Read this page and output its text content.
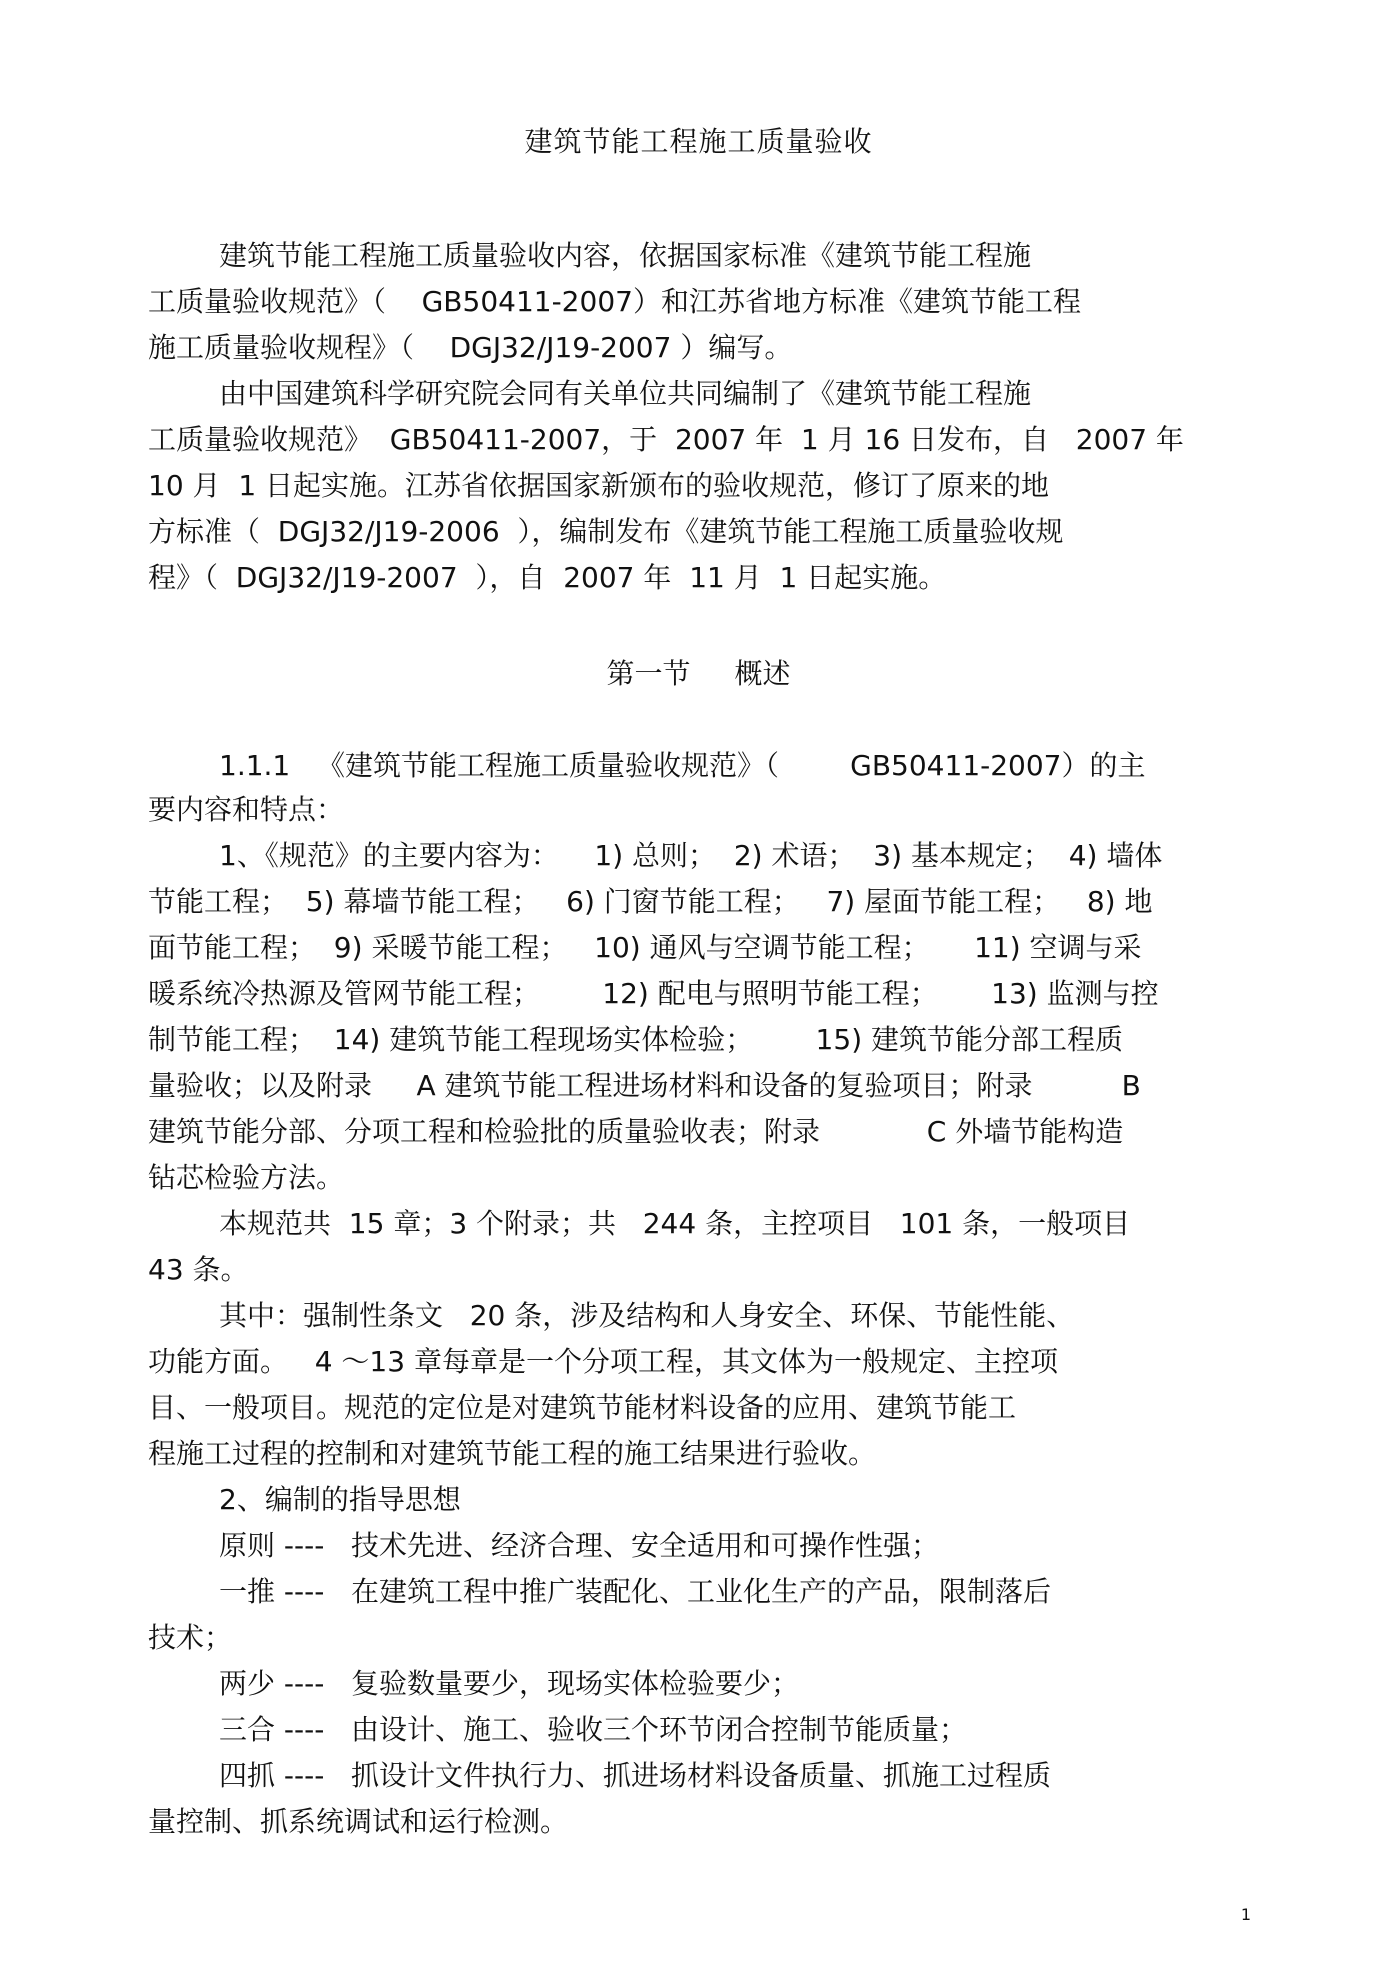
建筑节能工程施工质量验收
建筑节能工程施工质量验收内容，依据国家标准《建筑节能工程施
工质量验收规范》（    GB50411-2007）和江苏省地方标准《建筑节能工程
施工质量验收规程》（    DGJ32/J19-2007 ）编写。
由中国建筑科学研究院会同有关单位共同编制了《建筑节能工程施
工质量验收规范》  GB50411-2007，于  2007 年  1 月 16 日发布，自   2007 年
10 月  1 日起实施。江苏省依据国家新颁布的验收规范，修订了原来的地
方标准（  DGJ32/J19-2006  ），编制发布《建筑节能工程施工质量验收规
程》（  DGJ32/J19-2007  ），自  2007 年  11 月  1 日起实施。
第一节 概述
1.1.1   《建筑节能工程施工质量验收规范》（        GB50411-2007）的主
要内容和特点：
1、《规范》的主要内容为：    1) 总则；  2) 术语；  3) 基本规定；  4) 墙体
节能工程；  5) 幕墙节能工程；   6) 门窗节能工程；   7) 屋面节能工程；   8) 地
面节能工程；  9) 采暖节能工程；   10) 通风与空调节能工程；     11) 空调与采
暖系统冷热源及管网节能工程；       12) 配电与照明节能工程；      13) 监测与控
制节能工程；  14) 建筑节能工程现场实体检验；       15) 建筑节能分部工程质
量验收；以及附录     A 建筑节能工程进场材料和设备的复验项目；附录          B
建筑节能分部、分项工程和检验批的质量验收表；附录            C 外墙节能构造
钻芯检验方法。
本规范共  15 章；3 个附录；共   244 条，主控项目   101 条，一般项目
43 条。
其中：强制性条文   20 条，涉及结构和人身安全、环保、节能性能、
功能方面。   4 ～13 章每章是一个分项工程，其文体为一般规定、主控项
目、一般项目。规范的定位是对建筑节能材料设备的应用、建筑节能工
程施工过程的控制和对建筑节能工程的施工结果进行验收。
2、编制的指导思想
原则 ----   技术先进、经济合理、安全适用和可操作性强；
一推 ----   在建筑工程中推广装配化、工业化生产的产品，限制落后
技术；
两少 ----   复验数量要少，现场实体检验要少；
三合 ----   由设计、施工、验收三个环节闭合控制节能质量；
四抓 ----   抓设计文件执行力、抓进场材料设备质量、抓施工过程质
量控制、抓系统调试和运行检测。
1
